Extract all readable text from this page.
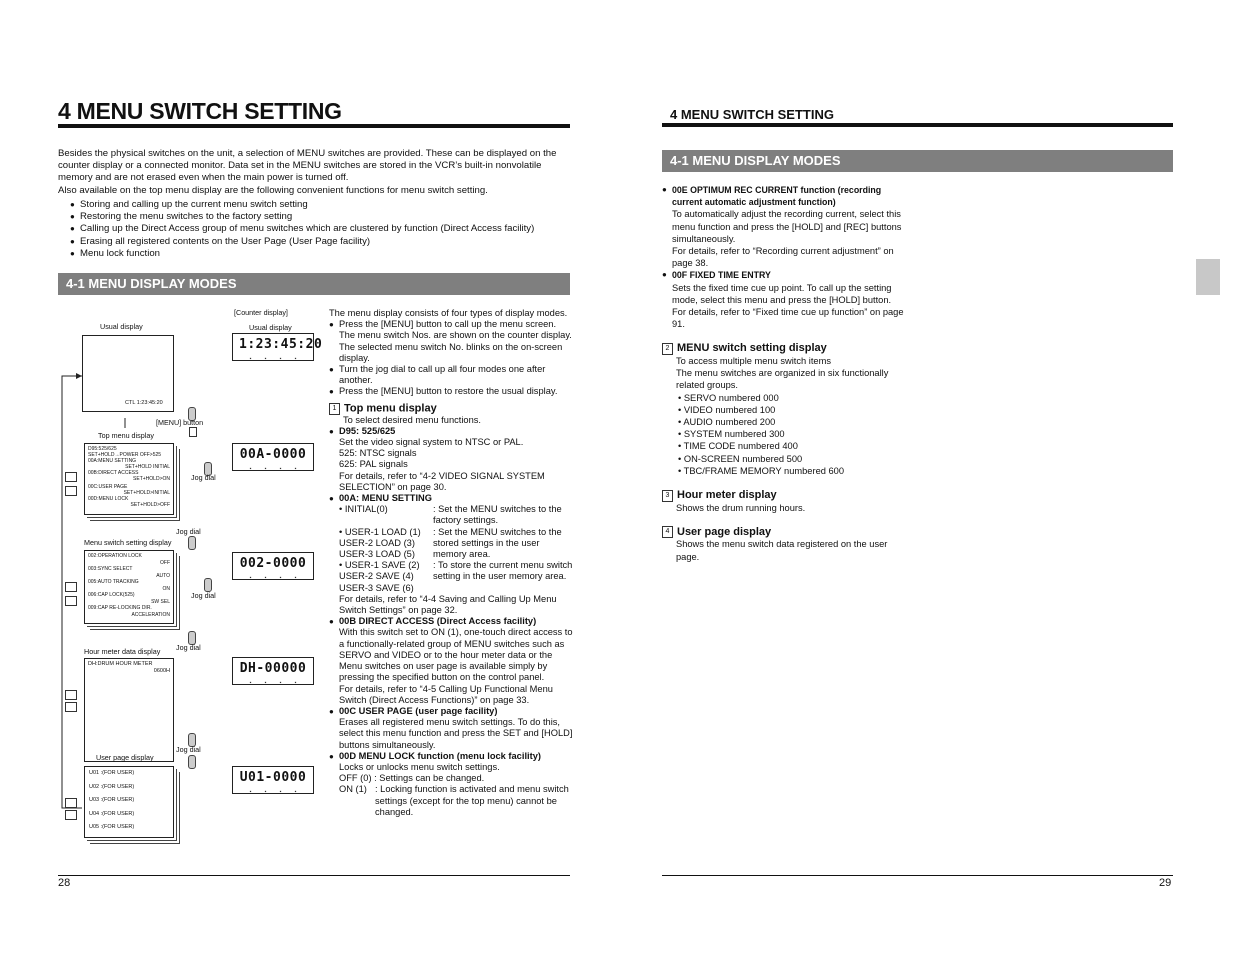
4 MENU SWITCH SETTING
Besides the physical switches on the unit, a selection of MENU switches are provided. These can be displayed on the counter display or a connected monitor. Data set in the MENU switches are stored in the VCR’s built-in nonvolatile memory and are not erased even when the main power is turned off.
Also available on the top menu display are the following convenient functions for menu switch setting.
● Storing and calling up the current menu switch setting
● Restoring the menu switches to the factory setting
● Calling up the Direct Access group of menu switches which are clustered by function (Direct Access facility)
● Erasing all registered contents on the User Page (User Page facility)
● Menu lock function
4-1 MENU DISPLAY MODES
[Counter display]
Usual display	Usual display
CTL 1:23:45:20
1:23:45:20
▪	▪	▪	▪
[MENU] button
Top menu display
D95:525/625
SET+HOLD→POWER OFF>525
00A:MENU SETTING
SET+HOLD INITIAL
00B:DIRECT ACCESS
SET+HOLD>ON
00C:USER PAGE
SET+HOLD>INITIAL
00D:MENU LOCK
SET+HOLD>OFF
00A-0000
▪	▪	▪	▪
Jog dial
Jog dial
Menu switch setting display
002:OPERATION LOCK
OFF
003:SYNC SELECT
AUTO
005:AUTO TRACKING
ON
006:CAP LOCK(525)
SW SEL
009:CAP RE-LOCKING DIR.
ACCELERATION
002-0000
▪	▪	▪	▪
Jog dial
Jog dial
Hour meter data display
DH:DRUM HOUR METER
0600H	DH-00000
▪	▪	▪	▪
Jog dial
User page display
U01 :(FOR USER)
U02 :(FOR USER)
U03 :(FOR USER)
U04 :(FOR USER)
U05 :(FOR USER)
U01-0000
▪	▪	▪	▪
The menu display consists of four types of display modes.
● Press the [MENU] button to call up the menu screen. The menu switch Nos. are shown on the counter display. The selected menu switch No. blinks on the on-screen display.
● Turn the jog dial to call up all four modes one after another.
● Press the [MENU] button to restore the usual display.
1 Top menu display
To select desired menu functions.
● D95: 525/625
Set the video signal system to NTSC or PAL.
525: NTSC signals
625: PAL signals
For details, refer to “4-2 VIDEO SIGNAL SYSTEM SELECTION” on page 30.
● 00A: MENU SETTING
• INITIAL(0)	: Set the MENU switches to the factory settings.
• USER-1 LOAD (1) USER-2 LOAD (3) USER-3 LOAD (5)
: Set the MENU switches to the stored settings in the user memory area.
• USER-1 SAVE (2) USER-2 SAVE (4) USER-3 SAVE (6)
: To store the current menu switch setting in the user memory area.
For details, refer to “4-4 Saving and Calling Up Menu Switch Settings” on page 32.
● 00B DIRECT ACCESS (Direct Access facility)
With this switch set to ON (1), one-touch direct access to a functionally-related group of MENU switches such as SERVO and VIDEO or to the hour meter data or the Menu switches on user page is available simply by pressing the specified button on the control panel.
For details, refer to “4-5 Calling Up Functional Menu Switch (Direct Access Functions)” on page 33.
● 00C USER PAGE (user page facility)
Erases all registered menu switch settings. To do this, select this menu function and press the SET and [HOLD] buttons simultaneously.
● 00D MENU LOCK function (menu lock facility)
Locks or unlocks menu switch settings.
OFF (0) : Settings can be changed.
ON (1) : Locking function is activated and menu switch settings (except for the top menu) cannot be changed.
28
4 MENU SWITCH SETTING
4-1 MENU DISPLAY MODES
● 00E OPTIMUM REC CURRENT function (recording current automatic adjustment function)
To automatically adjust the recording current, select this menu function and press the [HOLD] and [REC] buttons simultaneously.
For details, refer to “Recording current adjustment” on page 38.
● 00F FIXED TIME ENTRY
Sets the fixed time cue up point. To call up the setting mode, select this menu and press the [HOLD] button. For details, refer to “Fixed time cue up function” on page 91.
2 MENU switch setting display
To access multiple menu switch items
The menu switches are organized in six functionally related groups.
• SERVO numbered 000
• VIDEO numbered 100
• AUDIO numbered 200
• SYSTEM numbered 300
• TIME CODE numbered 400
• ON-SCREEN numbered 500
• TBC/FRAME MEMORY numbered 600
3 Hour meter display
Shows the drum running hours.
4 User page display
Shows the menu switch data registered on the user page.
29
